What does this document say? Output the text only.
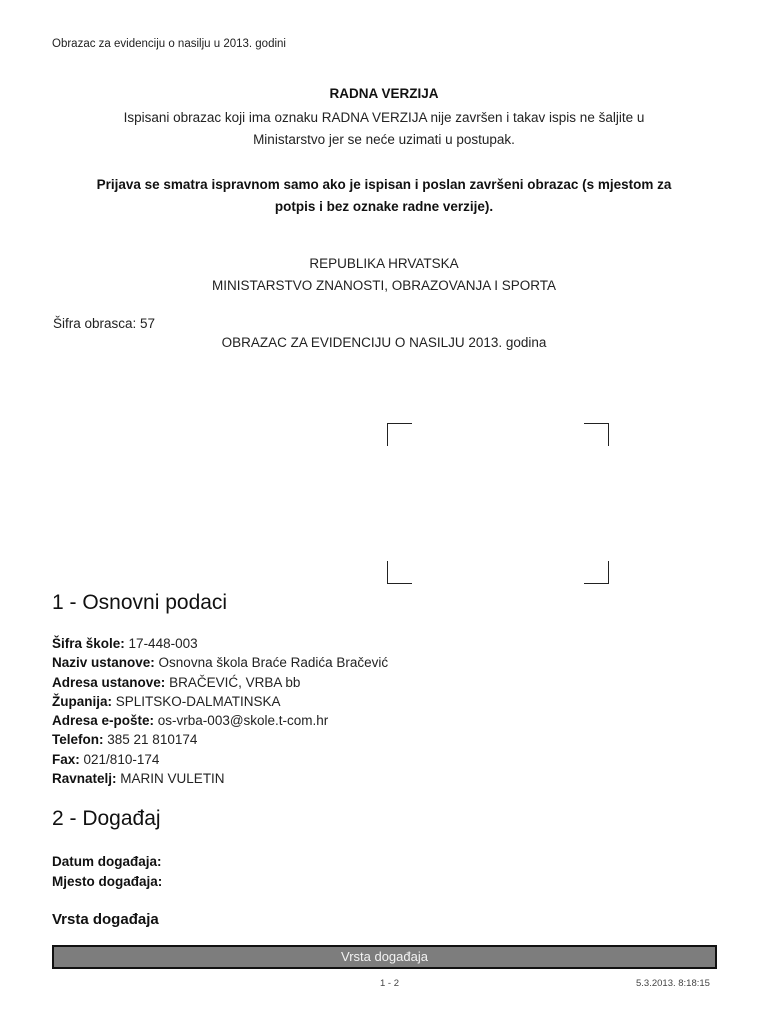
Obrazac za evidenciju o nasilju u 2013. godini
RADNA VERZIJA
Ispisani obrazac koji ima oznaku RADNA VERZIJA nije završen i takav ispis ne šaljite u
Ministarstvo jer se neće uzimati u postupak.
Prijava se smatra ispravnom samo ako je ispisan i poslan završeni obrazac (s mjestom za
potpis i bez oznake radne verzije).
REPUBLIKA HRVATSKA
MINISTARSTVO ZNANOSTI, OBRAZOVANJA I SPORTA
Šifra obrasca: 57
OBRAZAC ZA EVIDENCIJU O NASILJU 2013. godina
1 - Osnovni podaci
Šifra škole: 17-448-003
Naziv ustanove: Osnovna škola Braće Radića Bračević
Adresa ustanove: BRAČEVIĆ, VRBA bb
Županija: SPLITSKO-DALMATINSKA
Adresa e-pošte: os-vrba-003@skole.t-com.hr
Telefon: 385 21 810174
Fax: 021/810-174
Ravnatelj: MARIN VULETIN
2 - Događaj
Datum događaja:
Mjesto događaja:
Vrsta događaja
Vrsta događaja
1 - 2	5.3.2013. 8:18:15
